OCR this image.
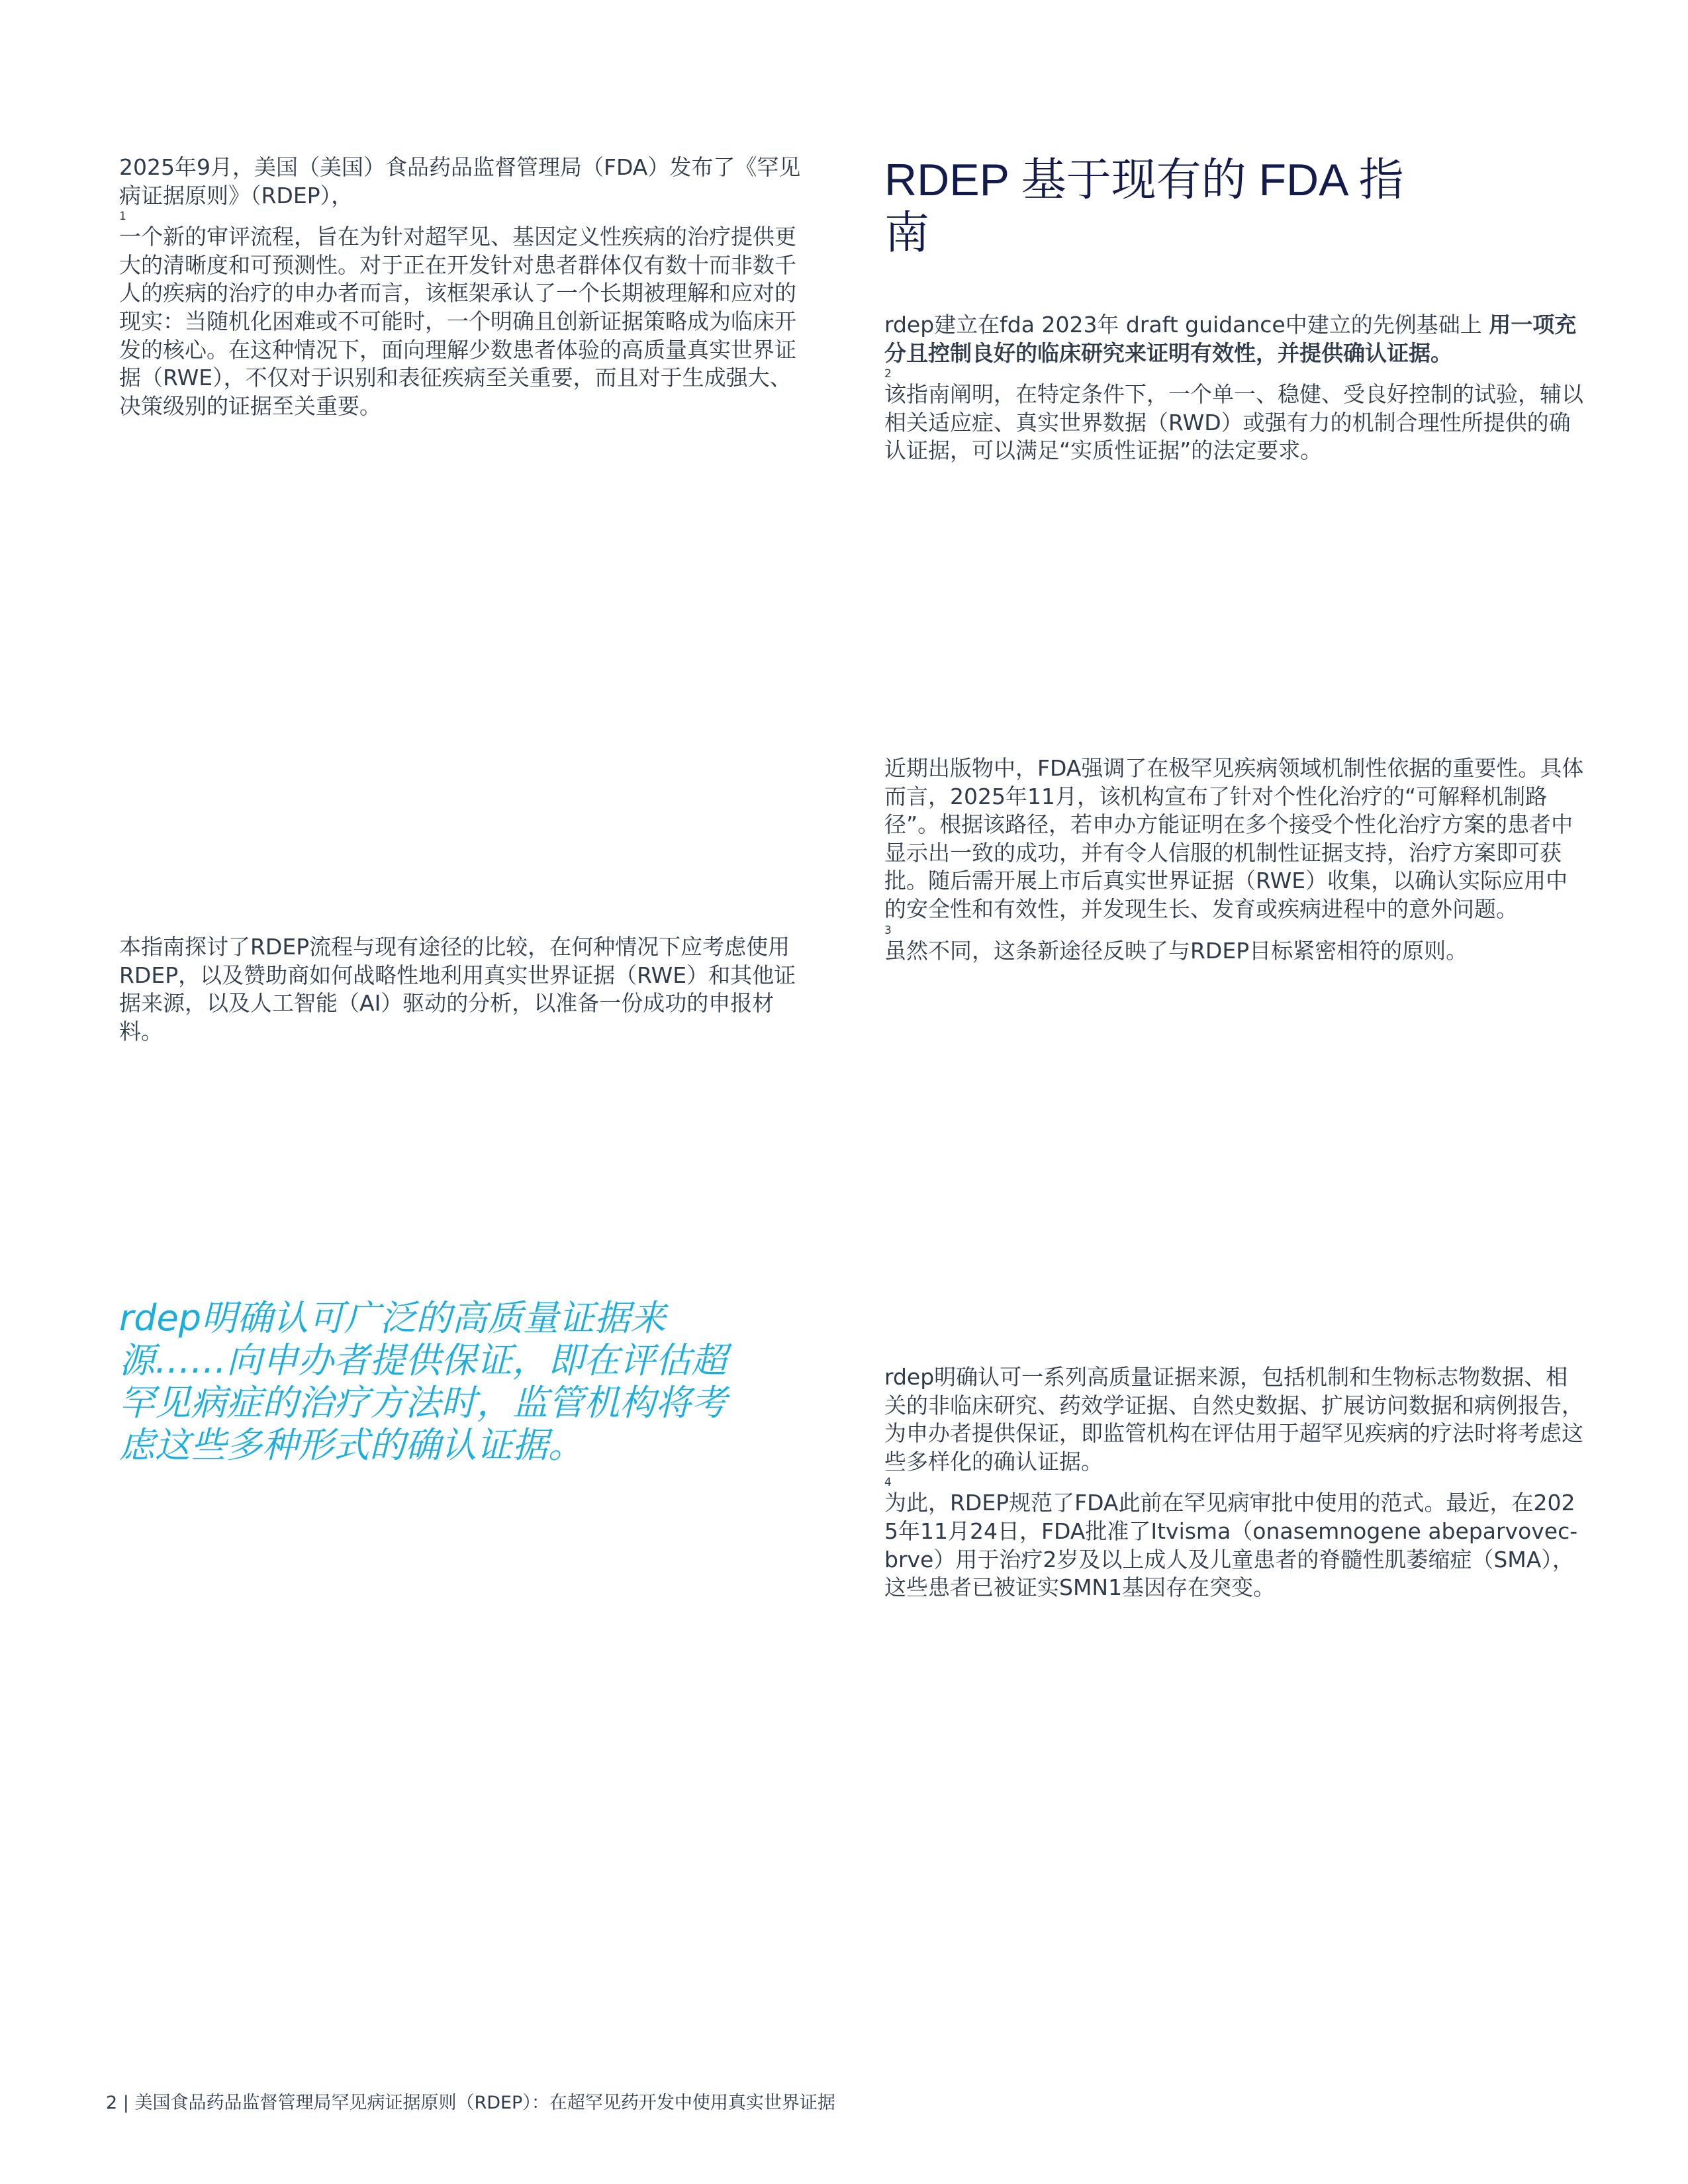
2025年9月，美国（美国）食品药品监督管理局（FDA）发布了《罕见病证据原则》（RDEP），

1

一个新的审评流程，旨在为针对超罕见、基因定义性疾病的治疗提供更大的清晰度和可预测性。对于正在开发针对患者群体仅有数十而非数千人的疾病的治疗的申办者而言，该框架承认了一个长期被理解和应对的现实：当随机化困难或不可能时，一个明确且创新证据策略成为临床开发的核心。在这种情况下，面向理解少数患者体验的高质量真实世界证据（RWE），不仅对于识别和表征疾病至关重要，而且对于生成强大、决策级别的证据至关重要。

本指南探讨了RDEP流程与现有途径的比较，在何种情况下应考虑使用RDEP，以及赞助商如何战略性地利用真实世界证据（RWE）和其他证据来源，以及人工智能（AI）驱动的分析，以准备一份成功的申报材料。

rdep明确认可广泛的高质量证据来源……向申办者提供保证，即在评估超罕见病症的治疗方法时，监管机构将考虑这些多种形式的确认证据。

RDEP 基于现有的 FDA 指南

rdep建立在fda 2023年 draft guidance中建立的先例基础上 用一项充分且控制良好的临床研究来证明有效性，并提供确认证据。

2

该指南阐明，在特定条件下，一个单一、稳健、受良好控制的试验，辅以相关适应症、真实世界数据（RWD）或强有力的机制合理性所提供的确认证据，可以满足“实质性证据”的法定要求。

近期出版物中，FDA强调了在极罕见疾病领域机制性依据的重要性。具体而言，2025年11月，该机构宣布了针对个性化治疗的“可解释机制路径”。根据该路径，若申办方能证明在多个接受个性化治疗方案的患者中显示出一致的成功，并有令人信服的机制性证据支持，治疗方案即可获批。随后需开展上市后真实世界证据（RWE）收集，以确认实际应用中的安全性和有效性，并发现生长、发育或疾病进程中的意外问题。

3

虽然不同，这条新途径反映了与RDEP目标紧密相符的原则。

rdep明确认可一系列高质量证据来源，包括机制和生物标志物数据、相关的非临床研究、药效学证据、自然史数据、扩展访问数据和病例报告，为申办者提供保证，即监管机构在评估用于超罕见疾病的疗法时将考虑这些多样化的确认证据。

4

为此，RDEP规范了FDA此前在罕见病审批中使用的范式。最近，在2025年11月24日，FDA批准了Itvisma（onasemnogene abeparvovec-brve）用于治疗2岁及以上成人及儿童患者的脊髓性肌萎缩症（SMA），这些患者已被证实SMN1基因存在突变。

2 | 美国食品药品监督管理局罕见病证据原则（RDEP）：在超罕见药开发中使用真实世界证据
